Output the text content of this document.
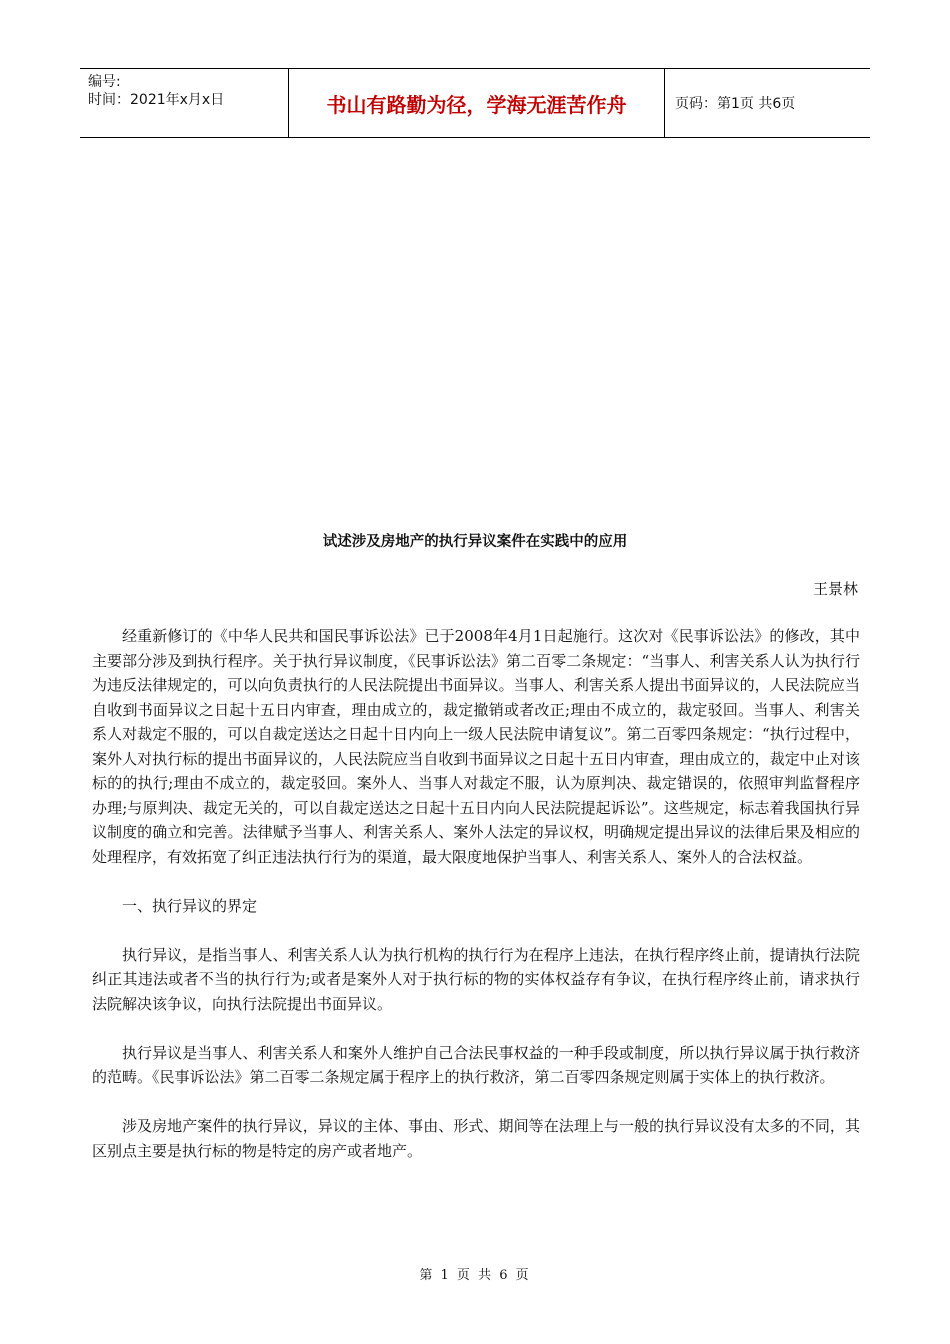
编号:
时间：2021年x月x日	书山有路勤为径，学海无涯苦作舟	页码：第1页 共6页
试述涉及房地产的执行异议案件在实践中的应用
王景林

经重新修订的《中华人民共和国民事诉讼法》已于2008年4月1日起施行。这次对《民事诉讼法》的修改，其中主要部分涉及到执行程序。关于执行异议制度，《民事诉讼法》第二百零二条规定：“当事人、利害关系人认为执行行为违反法律规定的，可以向负责执行的人民法院提出书面异议。当事人、利害关系人提出书面异议的，人民法院应当自收到书面异议之日起十五日内审查，理由成立的，裁定撤销或者改正;理由不成立的，裁定驳回。当事人、利害关系人对裁定不服的，可以自裁定送达之日起十日内向上一级人民法院申请复议”。第二百零四条规定：“执行过程中，案外人对执行标的提出书面异议的，人民法院应当自收到书面异议之日起十五日内审查，理由成立的，裁定中止对该标的的执行;理由不成立的，裁定驳回。案外人、当事人对裁定不服，认为原判决、裁定错误的，依照审判监督程序办理;与原判决、裁定无关的，可以自裁定送达之日起十五日内向人民法院提起诉讼”。这些规定，标志着我国执行异议制度的确立和完善。法律赋予当事人、利害关系人、案外人法定的异议权，明确规定提出异议的法律后果及相应的处理程序，有效拓宽了纠正违法执行行为的渠道，最大限度地保护当事人、利害关系人、案外人的合法权益。

一、执行异议的界定

执行异议，是指当事人、利害关系人认为执行机构的执行行为在程序上违法，在执行程序终止前，提请执行法院纠正其违法或者不当的执行行为;或者是案外人对于执行标的物的实体权益存有争议，在执行程序终止前，请求执行法院解决该争议，向执行法院提出书面异议。

执行异议是当事人、利害关系人和案外人维护自己合法民事权益的一种手段或制度，所以执行异议属于执行救济的范畴。《民事诉讼法》第二百零二条规定属于程序上的执行救济，第二百零四条规定则属于实体上的执行救济。

涉及房地产案件的执行异议，异议的主体、事由、形式、期间等在法理上与一般的执行异议没有太多的不同，其区别点主要是执行标的物是特定的房产或者地产。

第 1 页 共 6 页
